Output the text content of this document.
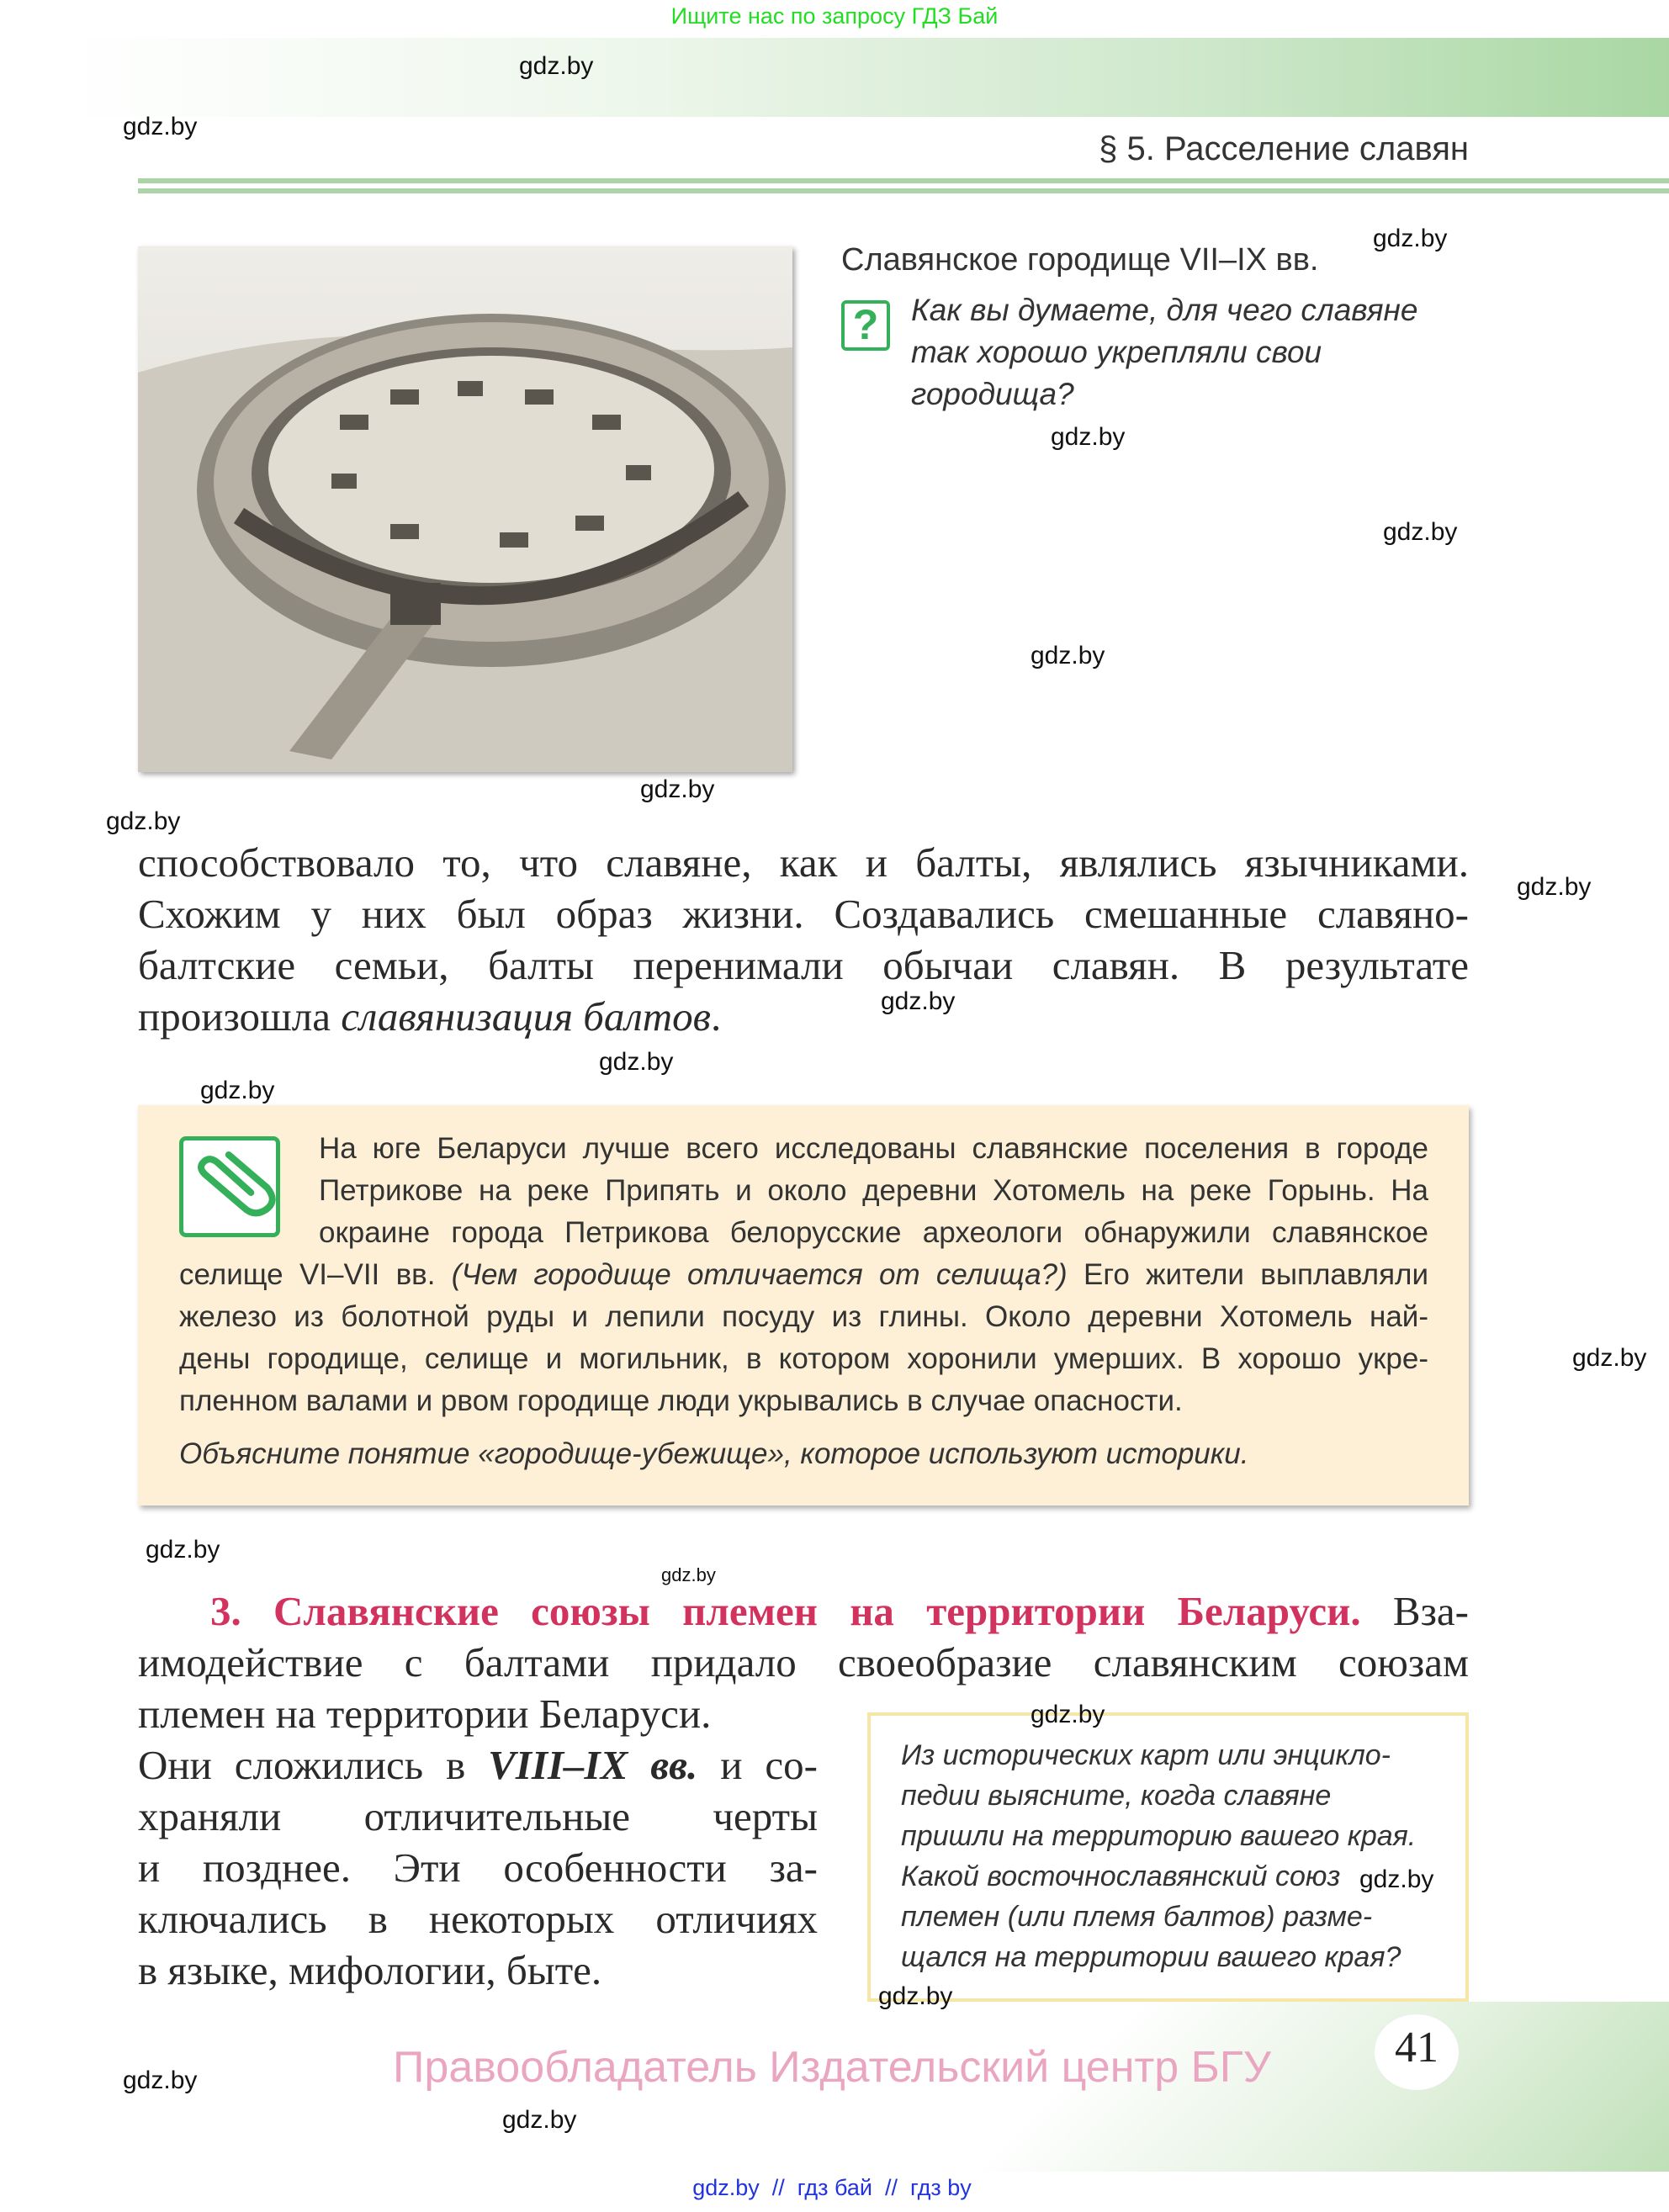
Ищите нас по запросу ГДЗ Бай
§ 5. Расселение славян
Славянское городище VII–IX вв.
?	Как вы думаете, для чего славяне
так хорошо укрепляли свои
городища?
способствовало то, что славяне, как и балты, являлись язычниками.
Схожим у них был образ жизни. Создавались смешанные славяно-
балтские семьи, балты перенимали обычаи славян. В результате
произошла славянизация балтов.
На юге Беларуси лучше всего исследованы славянские поселения в городе
Петрикове на реке Припять и около деревни Хотомель на реке Горынь. На
окраине города Петрикова белорусские археологи обнаружили славянское
селище VI–VII вв. (Чем городище отличается от селища?) Его жители выплавляли
железо из болотной руды и лепили посуду из глины. Около деревни Хотомель най-
дены городище, селище и могильник, в котором хоронили умерших. В хорошо укре-
пленном валами и рвом городище люди укрывались в случае опасности.
Объясните понятие «городище-убежище», которое используют историки.
3. Славянские союзы племен на территории Беларуси. Вза-
имодействие с балтами придало своеобразие славянским союзам
племен на территории Беларуси.
Они сложились в VIII–IX вв. и со-
храняли отличительные черты
и позднее. Эти особенности за-
ключались в некоторых отличиях
в языке, мифологии, быте.
Из исторических карт или энцикло-
педии выясните, когда славяне
пришли на территорию вашего края.
Какой восточнославянский союз
племен (или племя балтов) разме-
щался на территории вашего края?
Правообладатель Издательский центр БГУ	41
gdz.by  //  гдз бай  //  гдз by
gdz.by
gdz.by
gdz.by
gdz.by
gdz.by
gdz.by
gdz.by
gdz.by
gdz.by
gdz.by
gdz.by
gdz.by
gdz.by
gdz.by
gdz.by
gdz.by
gdz.by
gdz.by
gdz.by
gdz.by
